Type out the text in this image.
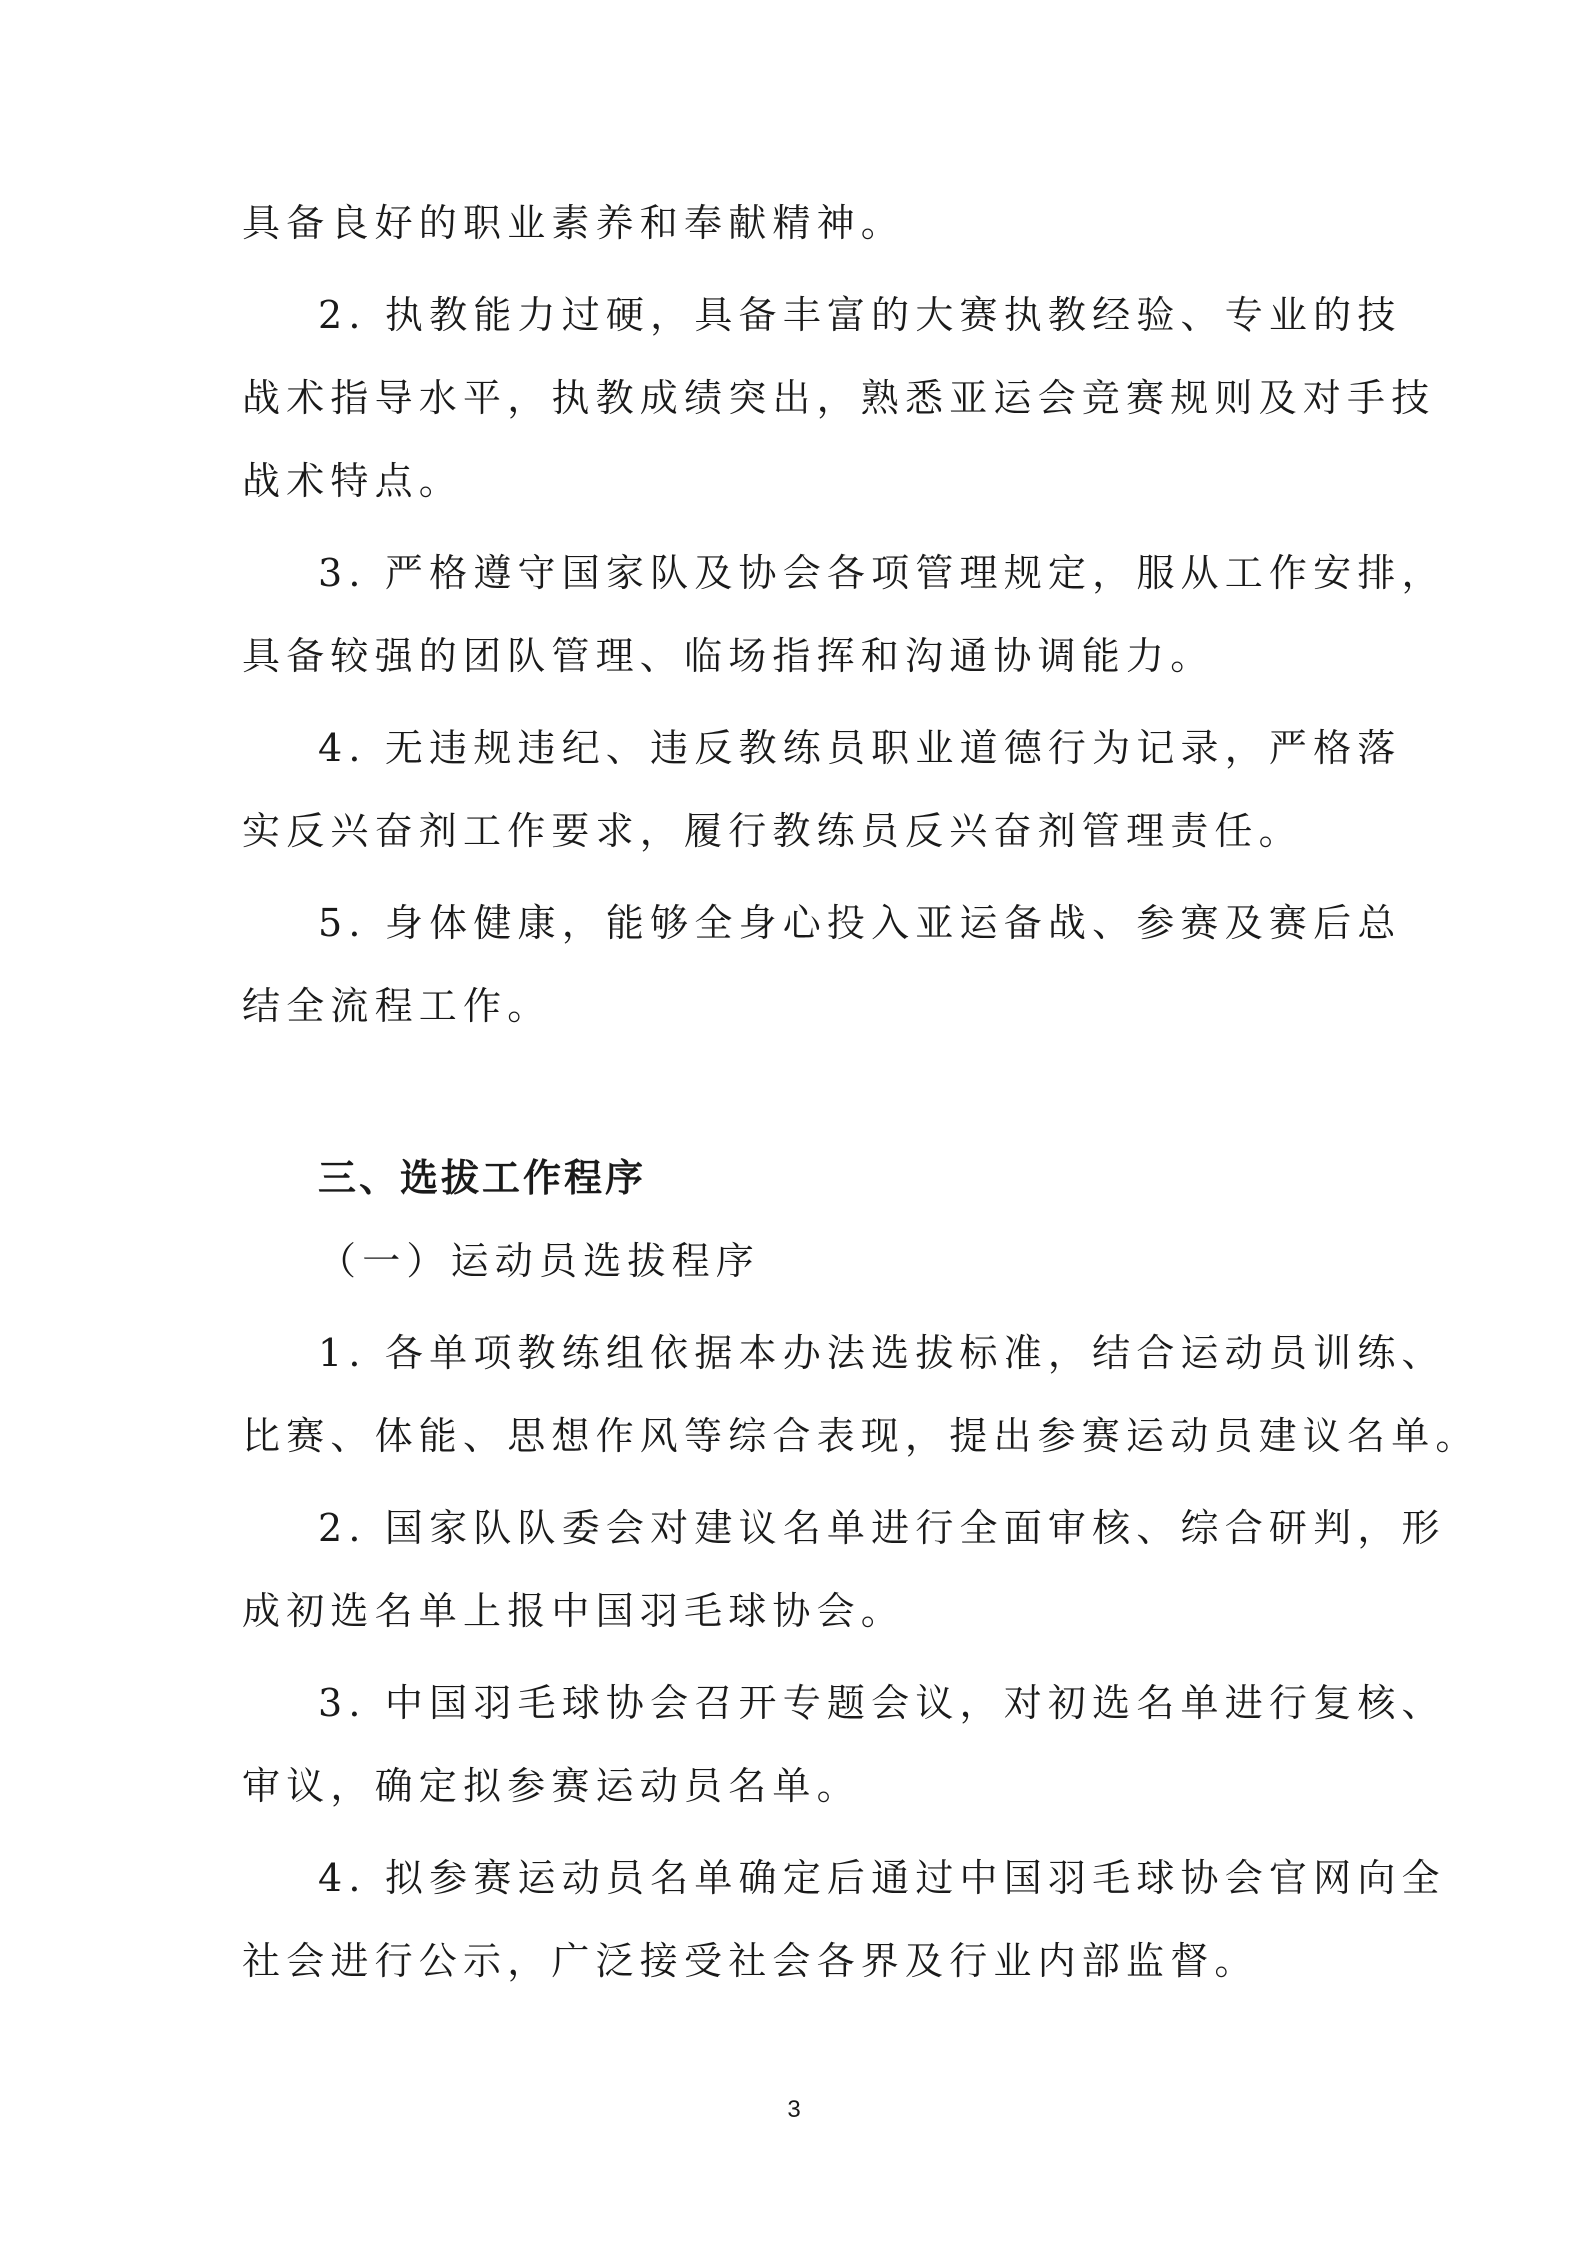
具备良好的职业素养和奉献精神。
2. 执教能力过硬，具备丰富的大赛执教经验、专业的技
战术指导水平，执教成绩突出，熟悉亚运会竞赛规则及对手技
战术特点。
3. 严格遵守国家队及协会各项管理规定，服从工作安排，
具备较强的团队管理、临场指挥和沟通协调能力。
4. 无违规违纪、违反教练员职业道德行为记录，严格落
实反兴奋剂工作要求，履行教练员反兴奋剂管理责任。
5. 身体健康，能够全身心投入亚运备战、参赛及赛后总
结全流程工作。
三、选拔工作程序
（一）运动员选拔程序
1. 各单项教练组依据本办法选拔标准，结合运动员训练、
比赛、体能、思想作风等综合表现，提出参赛运动员建议名单。
2. 国家队队委会对建议名单进行全面审核、综合研判，形
成初选名单上报中国羽毛球协会。
3. 中国羽毛球协会召开专题会议，对初选名单进行复核、
审议，确定拟参赛运动员名单。
4. 拟参赛运动员名单确定后通过中国羽毛球协会官网向全
社会进行公示，广泛接受社会各界及行业内部监督。
3
